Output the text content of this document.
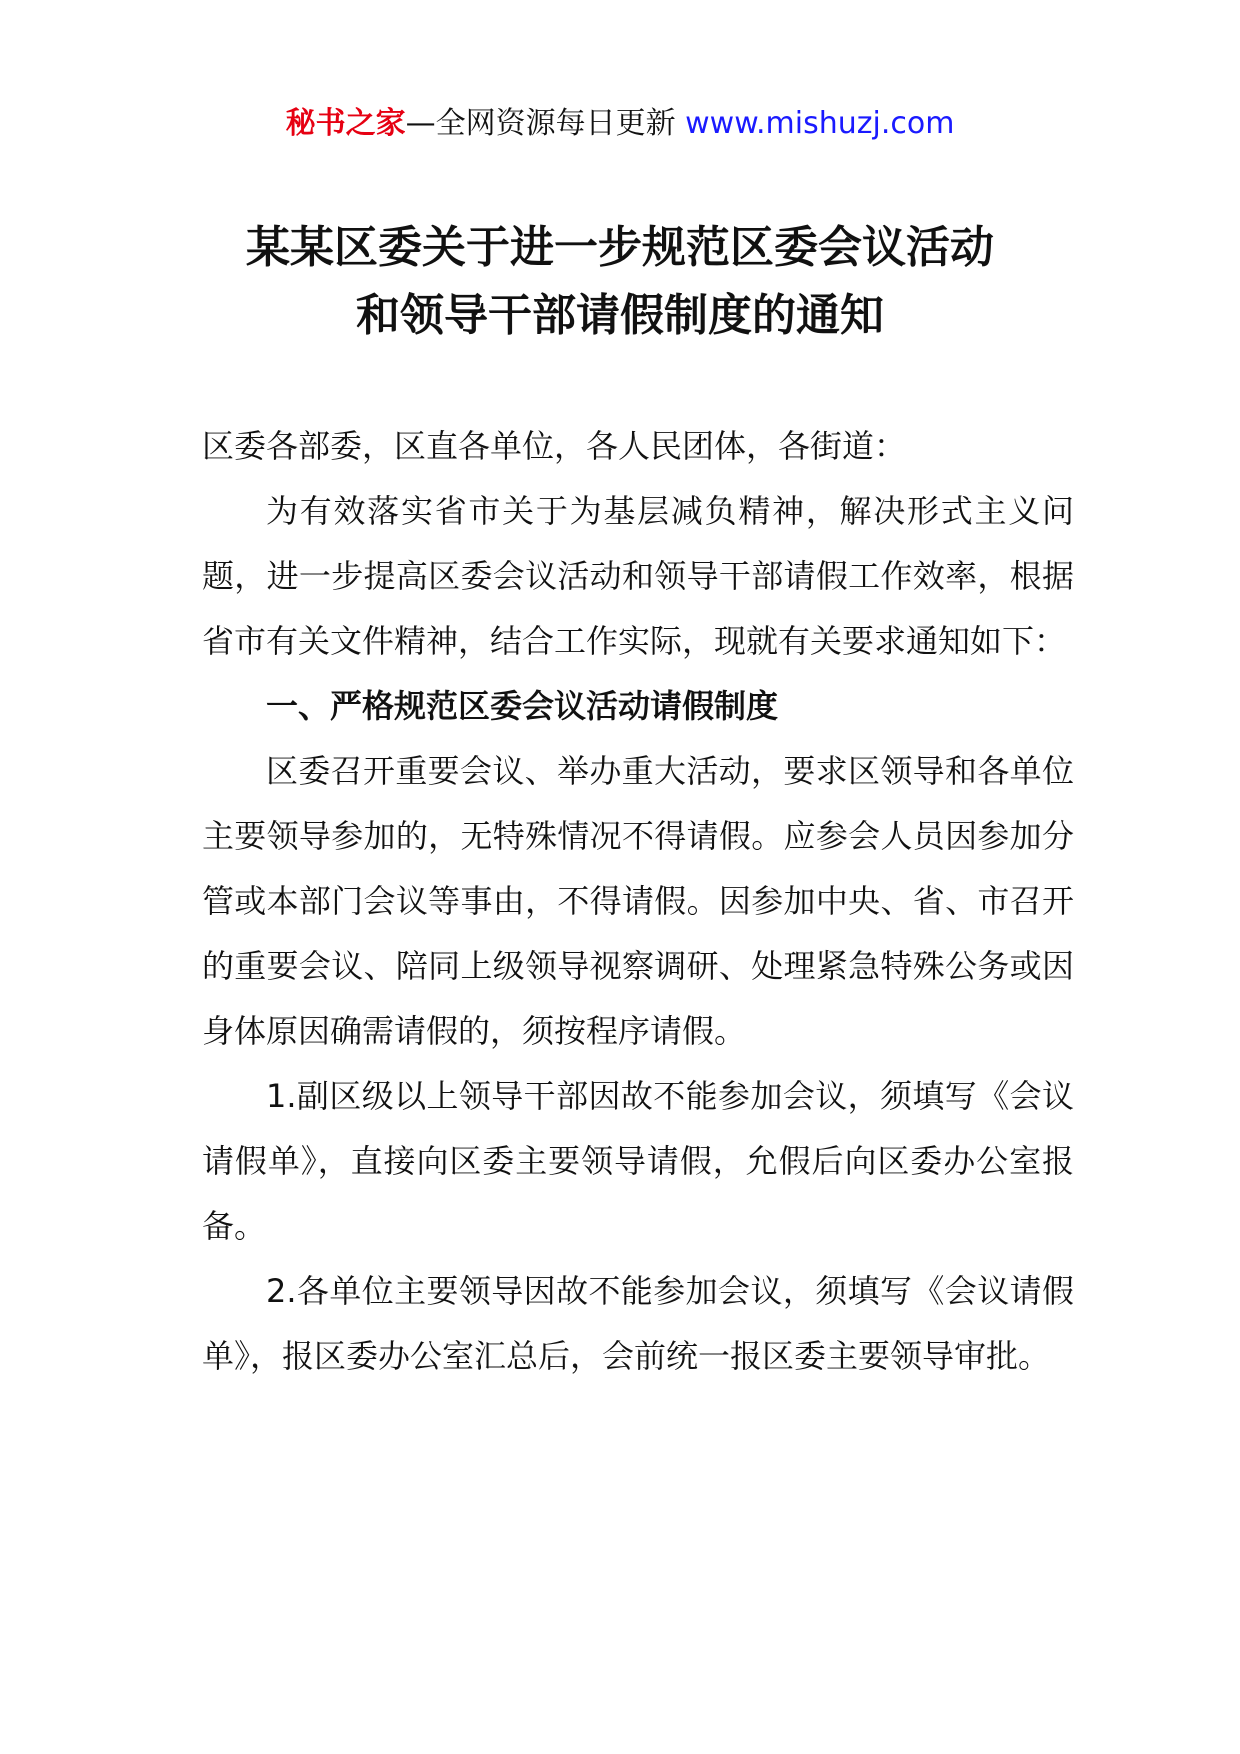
秘书之家—全网资源每日更新 www.mishuzj.com
某某区委关于进一步规范区委会议活动
和领导干部请假制度的通知

区委各部委，区直各单位，各人民团体，各街道：

为有效落实省市关于为基层减负精神，解决形式主义问题，进一步提高区委会议活动和领导干部请假工作效率，根据省市有关文件精神，结合工作实际，现就有关要求通知如下：

一、严格规范区委会议活动请假制度

区委召开重要会议、举办重大活动，要求区领导和各单位主要领导参加的，无特殊情况不得请假。应参会人员因参加分管或本部门会议等事由，不得请假。因参加中央、省、市召开的重要会议、陪同上级领导视察调研、处理紧急特殊公务或因身体原因确需请假的，须按程序请假。

1.副区级以上领导干部因故不能参加会议，须填写《会议请假单》，直接向区委主要领导请假，允假后向区委办公室报备。

2.各单位主要领导因故不能参加会议，须填写《会议请假单》，报区委办公室汇总后，会前统一报区委主要领导审批。
